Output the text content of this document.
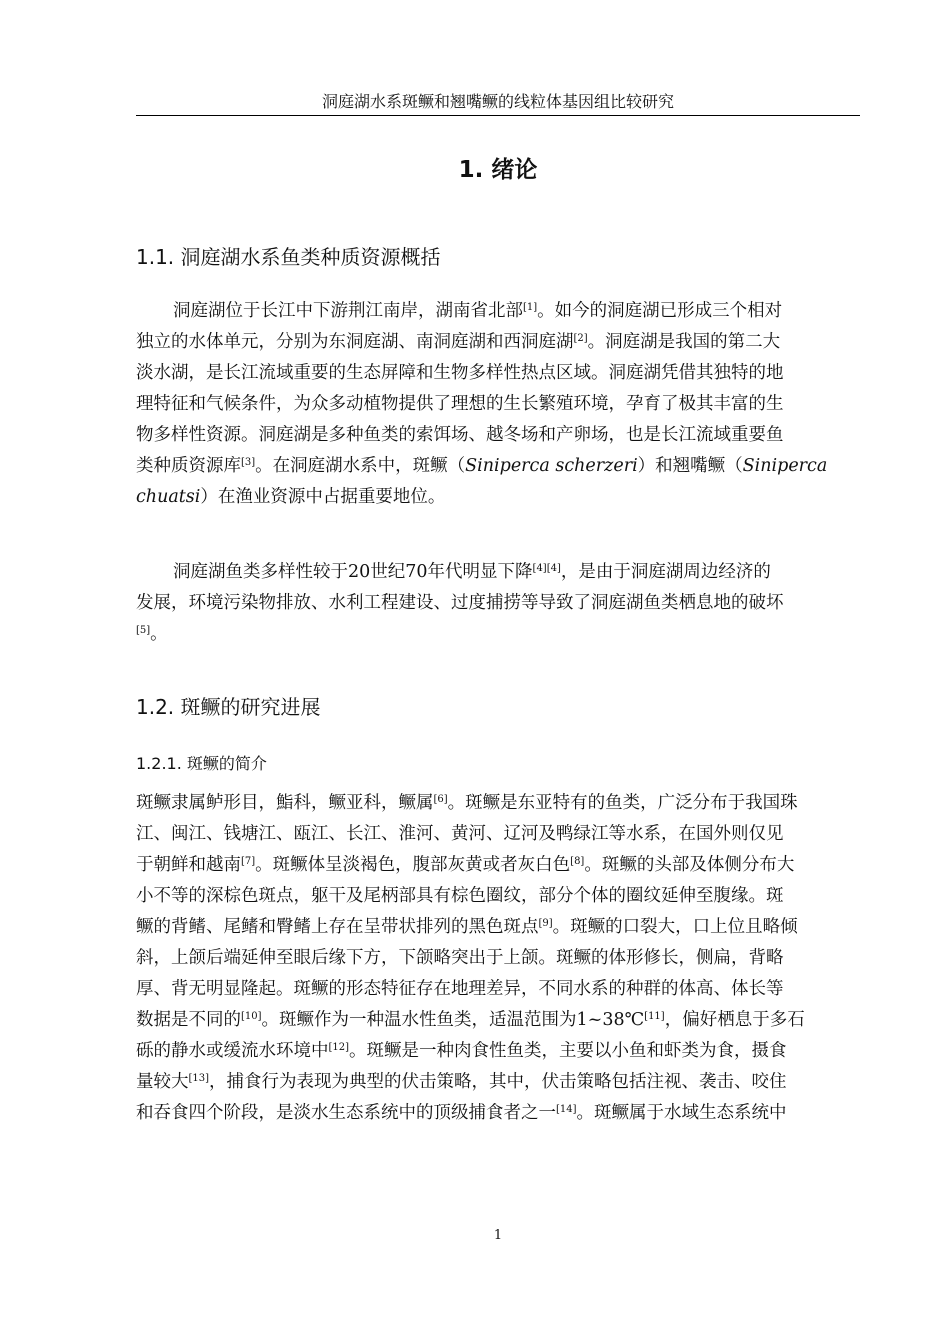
洞庭湖水系斑鳜和翘嘴鳜的线粒体基因组比较研究
1. 绪论
1.1. 洞庭湖水系鱼类种质资源概括
洞庭湖位于长江中下游荆江南岸，湖南省北部[1]。如今的洞庭湖已形成三个相对
独立的水体单元，分别为东洞庭湖、南洞庭湖和西洞庭湖[2]。洞庭湖是我国的第二大
淡水湖，是长江流域重要的生态屏障和生物多样性热点区域。洞庭湖凭借其独特的地
理特征和气候条件，为众多动植物提供了理想的生长繁殖环境，孕育了极其丰富的生
物多样性资源。洞庭湖是多种鱼类的索饵场、越冬场和产卵场，也是长江流域重要鱼
类种质资源库[3]。在洞庭湖水系中，斑鳜（Siniperca scherzeri）和翘嘴鳜（Siniperca
chuatsi）在渔业资源中占据重要地位。
洞庭湖鱼类多样性较于20世纪70年代明显下降[4][4]，是由于洞庭湖周边经济的
发展，环境污染物排放、水利工程建设、过度捕捞等导致了洞庭湖鱼类栖息地的破坏
[5]。
1.2. 斑鳜的研究进展
1.2.1. 斑鳜的简介
斑鳜隶属鲈形目，鮨科，鳜亚科，鳜属[6]。斑鳜是东亚特有的鱼类，广泛分布于我国珠
江、闽江、钱塘江、瓯江、长江、淮河、黄河、辽河及鸭绿江等水系，在国外则仅见
于朝鲜和越南[7]。斑鳜体呈淡褐色，腹部灰黄或者灰白色[8]。斑鳜的头部及体侧分布大
小不等的深棕色斑点，躯干及尾柄部具有棕色圈纹，部分个体的圈纹延伸至腹缘。斑
鳜的背鳍、尾鳍和臀鳍上存在呈带状排列的黑色斑点[9]。斑鳜的口裂大，口上位且略倾
斜，上颌后端延伸至眼后缘下方，下颌略突出于上颌。斑鳜的体形修长，侧扁，背略
厚、背无明显隆起。斑鳜的形态特征存在地理差异，不同水系的种群的体高、体长等
数据是不同的[10]。斑鳜作为一种温水性鱼类，适温范围为1~38℃[11]，偏好栖息于多石
砾的静水或缓流水环境中[12]。斑鳜是一种肉食性鱼类，主要以小鱼和虾类为食，摄食
量较大[13]，捕食行为表现为典型的伏击策略，其中，伏击策略包括注视、袭击、咬住
和吞食四个阶段，是淡水生态系统中的顶级捕食者之一[14]。斑鳜属于水域生态系统中
1
